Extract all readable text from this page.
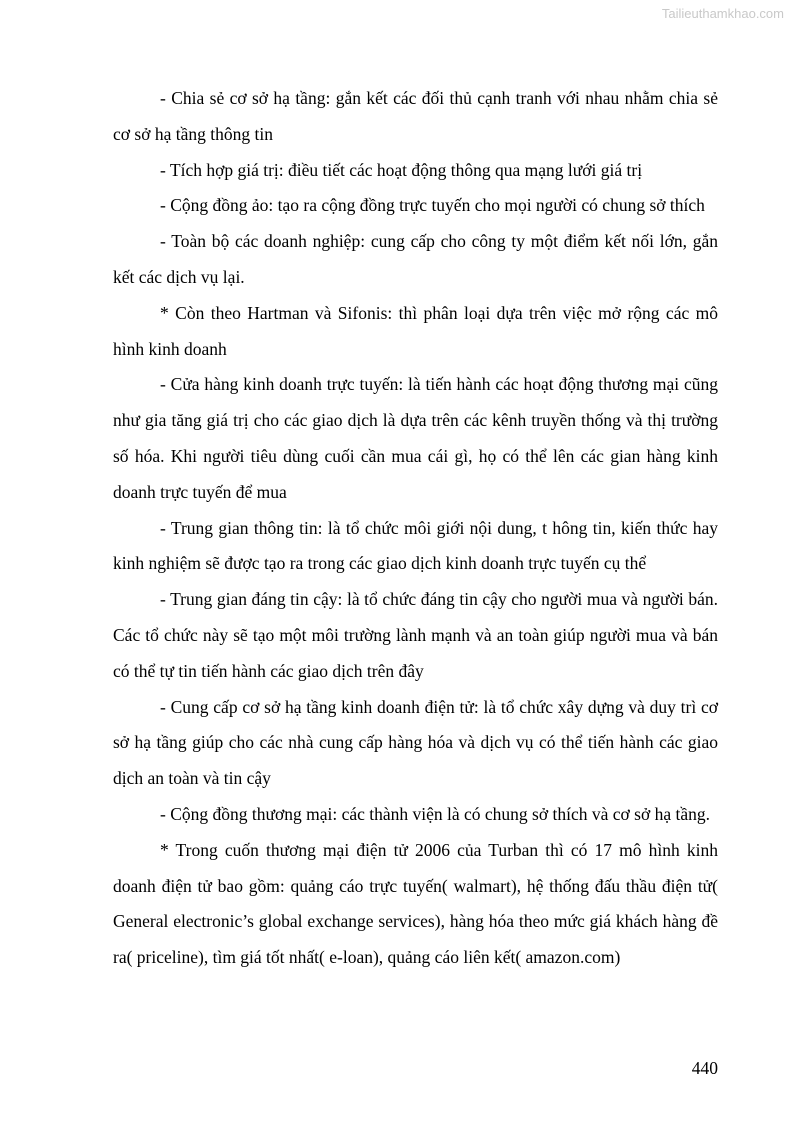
Tailieuthamkhao.com

- Chia sẻ cơ sở hạ tầng: gắn kết các đối thủ cạnh tranh với nhau nhằm chia sẻ cơ sở hạ tầng thông tin

- Tích hợp giá trị: điều tiết các hoạt động thông qua mạng lưới giá trị

- Cộng đồng ảo: tạo ra cộng đồng trực tuyến cho mọi người có chung sở thích

- Toàn bộ các doanh nghiệp: cung cấp cho công ty một điểm kết nối lớn, gắn kết các dịch vụ lại.

* Còn theo Hartman và Sifonis: thì phân loại dựa trên việc mở rộng các mô hình kinh doanh

- Cửa hàng kinh doanh trực tuyến: là tiến hành các hoạt động thương mại cũng như gia tăng giá trị cho các giao dịch là dựa trên các kênh truyền thống và thị trường số hóa. Khi người tiêu dùng cuối cần mua cái gì, họ có thể lên các gian hàng kinh doanh trực tuyến để mua

- Trung gian thông tin: là tổ chức môi giới nội dung, t hông tin, kiến thức hay kinh nghiệm sẽ được tạo ra trong các giao dịch kinh doanh trực tuyến cụ thể

- Trung gian đáng tin cậy: là tổ chức đáng tin cậy cho người mua và người bán. Các tổ chức này sẽ tạo một môi trường lành mạnh và an toàn giúp người mua và bán có thể tự tin tiến hành các giao dịch trên đây

- Cung cấp cơ sở hạ tầng kinh doanh điện tử: là tổ chức xây dựng và duy trì cơ sở hạ tầng giúp cho các nhà cung cấp hàng hóa và dịch vụ có thể tiến hành các giao dịch an toàn và tin cậy

- Cộng đồng thương mại: các thành viện là có chung sở thích và cơ sở hạ tầng.

* Trong cuốn thương mại điện tử 2006 của Turban thì có 17 mô hình kinh doanh điện tử bao gồm: quảng cáo trực tuyến( walmart), hệ thống đấu thầu điện tử( General electronic’s global exchange services), hàng hóa theo mức giá khách hàng đề ra( priceline), tìm giá tốt nhất( e-loan), quảng cáo liên kết( amazon.com)

440
